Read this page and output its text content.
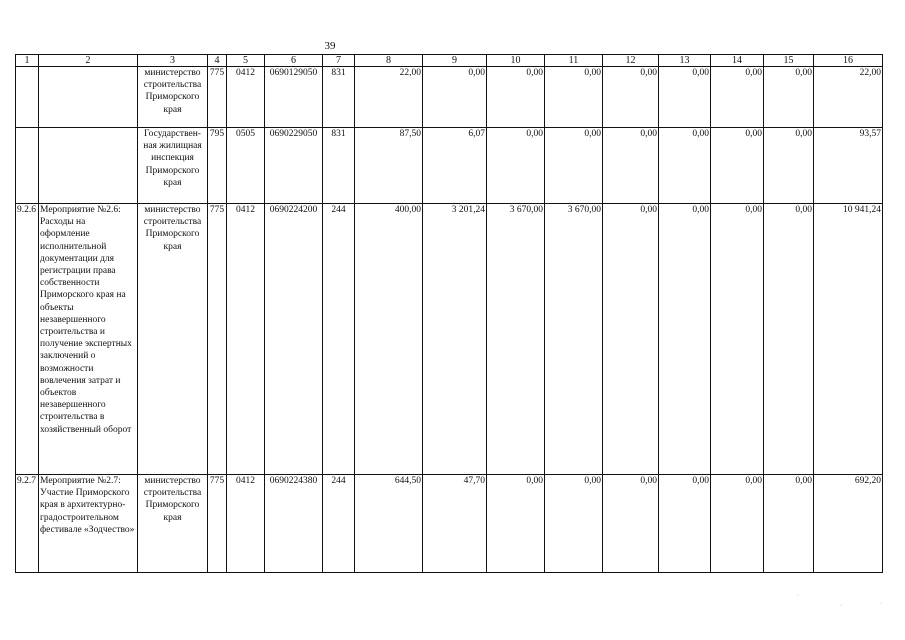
39
1	2	3	4	5	6	7	8	9	10	11	12	13	14	15	16
		министерство строительства Приморского края	775	0412	0690129050	831	22,00	0,00	0,00	0,00	0,00	0,00	0,00	0,00	22,00
		Государствен-ная жилищная инспекция Приморского края	795	0505	0690229050	831	87,50	6,07	0,00	0,00	0,00	0,00	0,00	0,00	93,57
9.2.6	Мероприятие №2.6: Расходы на оформление исполнительной документации для регистрации права собственности Приморского края на объекты незавершенного строительства и получение экспертных заключений о возможности вовлечения затрат и объектов незавершенного строительства в хозяйственный оборот	министерство строительства Приморского края	775	0412	0690224200	244	400,00	3 201,24	3 670,00	3 670,00	0,00	0,00	0,00	0,00	10 941,24
9.2.7	Мероприятие №2.7: Участие Приморского края в архитектурно-градостроительном фестивале «Зодчество»	министерство строительства Приморского края	775	0412	0690224380	244	644,50	47,70	0,00	0,00	0,00	0,00	0,00	0,00	692,20
·
·	·
